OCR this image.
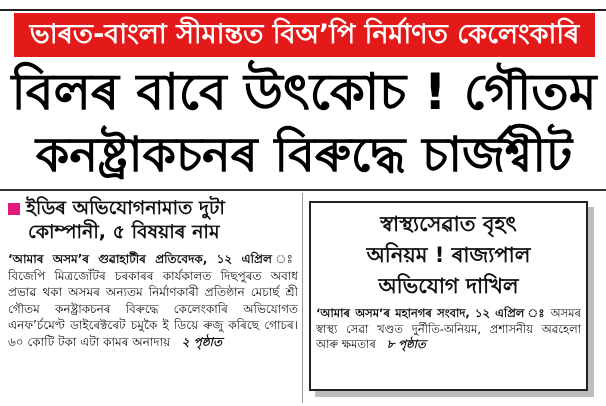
ভাৰত-বাংলা সীমান্তত বিঅ’পি নির্মাণত কেলেংকাৰি
বিলৰ বাবে উৎকোচ ! গৌতম
কনষ্ট্ৰাকচনৰ বিৰুদ্ধে চাৰ্জশ্বীট

ইডিৰ অভিযোগনামাত দুটা

কোম্পানী, ৫ বিষয়াৰ নাম

‘আমাৰ অসম’ৰ গুৱাহাটীৰ প্ৰতিবেদক, ১২ এপ্ৰিল বিজেপি মিত্ৰজোঁটৰ চৰকাৰৰ কাৰ্যকালত দিছপুৰত অবাধ প্ৰভাৱ থকা অসমৰ অন্যতম নির্মাণকাৰী প্ৰতিষ্ঠান মেচাৰ্ছ শ্ৰী গৌতম কনষ্ট্ৰাকচনৰ বিৰুদ্ধে কেলেংকাৰি অভিযোগত এনফ’ৰ্চমেণ্ট ডাইৰেক্টৰেট চমুকৈ ই ডিয়ে ৰুজু কৰিছে গোচৰ। ৬০ কোটি টকা এটা কামৰ অনাদায় ২ পৃষ্ঠাত
স্বাস্থ্যসেৱাত বৃহৎ
অনিয়ম ! ৰাজ্যপাল
অভিযোগ দাখিল
‘আমাৰ অসম’ৰ মহানগৰ সংবাদ, ১২ এপ্ৰিল ঃ অসমৰ স্বাস্থ্য সেৱা খণ্ডত দুৰ্নীতি-অনিয়ম, প্ৰশাসনীয় অৱহেলা আৰু ক্ষমতাৰ ৮ পৃষ্ঠাত
